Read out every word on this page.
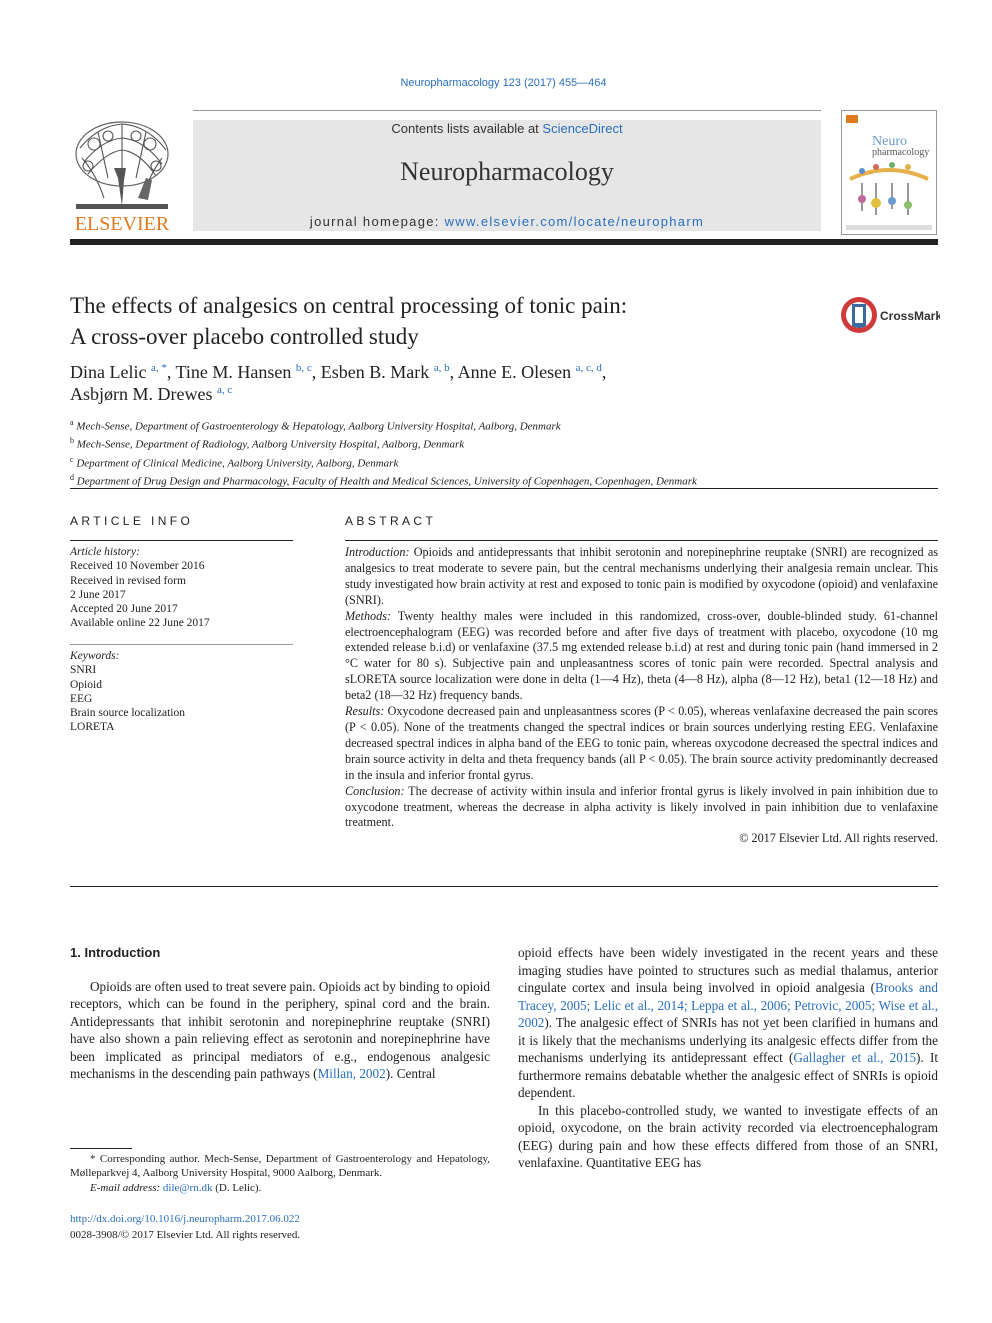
Neuropharmacology 123 (2017) 455—464
ELSEVIER
Contents lists available at ScienceDirect
Neuropharmacology
journal homepage: www.elsevier.com/locate/neuropharm
Neuro
pharmacology
The effects of analgesics on central processing of tonic pain:
A cross-over placebo controlled study
CrossMark
Dina Lelic $^{a, *}$, Tine M. Hansen $^{b, c}$, Esben B. Mark $^{a, b}$, Anne E. Olesen $^{a, c, d}$,
Asbjørn M. Drewes $^{a, c}$
$^a$ Mech-Sense, Department of Gastroenterology & Hepatology, Aalborg University Hospital, Aalborg, Denmark
$^b$ Mech-Sense, Department of Radiology, Aalborg University Hospital, Aalborg, Denmark
$^c$ Department of Clinical Medicine, Aalborg University, Aalborg, Denmark
$^d$ Department of Drug Design and Pharmacology, Faculty of Health and Medical Sciences, University of Copenhagen, Copenhagen, Denmark
ARTICLE INFO
Article history:
Received 10 November 2016
Received in revised form
2 June 2017
Accepted 20 June 2017
Available online 22 June 2017
Keywords:
SNRI
Opioid
EEG
Brain source localization
LORETA
ABSTRACT

Introduction: Opioids and antidepressants that inhibit serotonin and norepinephrine reuptake (SNRI) are recognized as analgesics to treat moderate to severe pain, but the central mechanisms underlying their analgesia remain unclear. This study investigated how brain activity at rest and exposed to tonic pain is modified by oxycodone (opioid) and venlafaxine (SNRI).

Methods: Twenty healthy males were included in this randomized, cross-over, double-blinded study. 61-channel electroencephalogram (EEG) was recorded before and after five days of treatment with placebo, oxycodone (10 mg extended release b.i.d) or venlafaxine (37.5 mg extended release b.i.d) at rest and during tonic pain (hand immersed in 2 °C water for 80 s). Subjective pain and unpleasantness scores of tonic pain were recorded. Spectral analysis and sLORETA source localization were done in delta (1—4 Hz), theta (4—8 Hz), alpha (8—12 Hz), beta1 (12—18 Hz) and beta2 (18—32 Hz) frequency bands.

Results: Oxycodone decreased pain and unpleasantness scores (P < 0.05), whereas venlafaxine decreased the pain scores (P < 0.05). None of the treatments changed the spectral indices or brain sources underlying resting EEG. Venlafaxine decreased spectral indices in alpha band of the EEG to tonic pain, whereas oxycodone decreased the spectral indices and brain source activity in delta and theta frequency bands (all P < 0.05). The brain source activity predominantly decreased in the insula and inferior frontal gyrus.

Conclusion: The decrease of activity within insula and inferior frontal gyrus is likely involved in pain inhibition due to oxycodone treatment, whereas the decrease in alpha activity is likely involved in pain inhibition due to venlafaxine treatment.

© 2017 Elsevier Ltd. All rights reserved.

1. Introduction

Opioids are often used to treat severe pain. Opioids act by binding to opioid receptors, which can be found in the periphery, spinal cord and the brain. Antidepressants that inhibit serotonin and norepinephrine reuptake (SNRI) have also shown a pain relieving effect as serotonin and norepinephrine have been implicated as principal mediators of e.g., endogenous analgesic mechanisms in the descending pain pathways (Millan, 2002). Central

opioid effects have been widely investigated in the recent years and these imaging studies have pointed to structures such as medial thalamus, anterior cingulate cortex and insula being involved in opioid analgesia (Brooks and Tracey, 2005; Lelic et al., 2014; Leppa et al., 2006; Petrovic, 2005; Wise et al., 2002). The analgesic effect of SNRIs has not yet been clarified in humans and it is likely that the mechanisms underlying its analgesic effects differ from the mechanisms underlying its antidepressant effect (Gallagher et al., 2015). It furthermore remains debatable whether the analgesic effect of SNRIs is opioid dependent.

In this placebo-controlled study, we wanted to investigate effects of an opioid, oxycodone, on the brain activity recorded via electroencephalogram (EEG) during pain and how these effects differed from those of an SNRI, venlafaxine. Quantitative EEG has

* Corresponding author. Mech-Sense, Department of Gastroenterology and Hepatology, Mølleparkvej 4, Aalborg University Hospital, 9000 Aalborg, Denmark.
E-mail address: dile@rn.dk (D. Lelic).
http://dx.doi.org/10.1016/j.neuropharm.2017.06.022
0028-3908/© 2017 Elsevier Ltd. All rights reserved.
